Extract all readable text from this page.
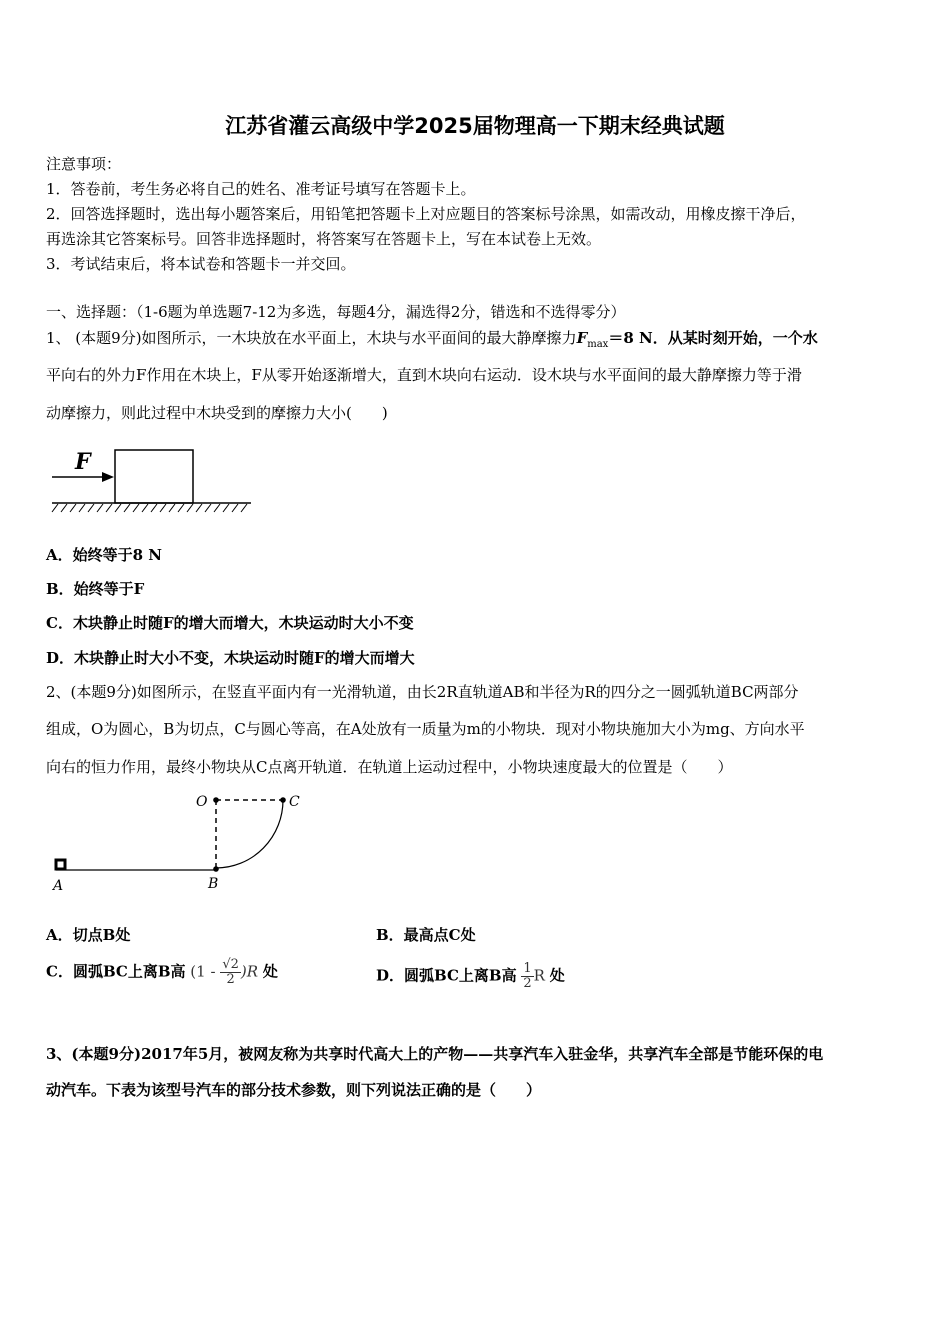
江苏省灌云高级中学2025届物理高一下期末经典试题
注意事项：
1．答卷前，考生务必将自己的姓名、准考证号填写在答题卡上。
2．回答选择题时，选出每小题答案后，用铅笔把答题卡上对应题目的答案标号涂黑，如需改动，用橡皮擦干净后，
再选涂其它答案标号。回答非选择题时，将答案写在答题卡上，写在本试卷上无效。
3．考试结束后，将本试卷和答题卡一并交回。
一、选择题：（1-6题为单选题7-12为多选，每题4分，漏选得2分，错选和不选得零分）
1、 (本题9分)如图所示，一木块放在水平面上，木块与水平面间的最大静摩擦力$F_{max}=8$ N．从某时刻开始，一个水
平向右的外力F作用在木块上，F从零开始逐渐增大，直到木块向右运动．设木块与水平面间的最大静摩擦力等于滑
动摩擦力，则此过程中木块受到的摩擦力大小(　　)
F
A．始终等于8 N
B．始终等于F
C．木块静止时随F的增大而增大，木块运动时大小不变
D．木块静止时大小不变，木块运动时随F的增大而增大
2、(本题9分)如图所示，在竖直平面内有一光滑轨道，由长2R直轨道AB和半径为R的四分之一圆弧轨道BC两部分
组成，O为圆心，B为切点，C与圆心等高，在A处放有一质量为m的小物块．现对小物块施加大小为mg、方向水平
向右的恒力作用，最终小物块从C点离开轨道．在轨道上运动过程中，小物块速度最大的位置是（　　）
O	C
A	B
A．切点B处	B．最高点C处
C．圆弧BC上离B高 $(1 - \frac{√2}{2} )R$ 处	D．圆弧BC上离B高 $\frac{1}{2}$ R 处
3、(本题9分)2017年5月，被网友称为共享时代高大上的产物——共享汽车入驻金华，共享汽车全部是节能环保的电
动汽车。下表为该型号汽车的部分技术参数，则下列说法正确的是（　　）
